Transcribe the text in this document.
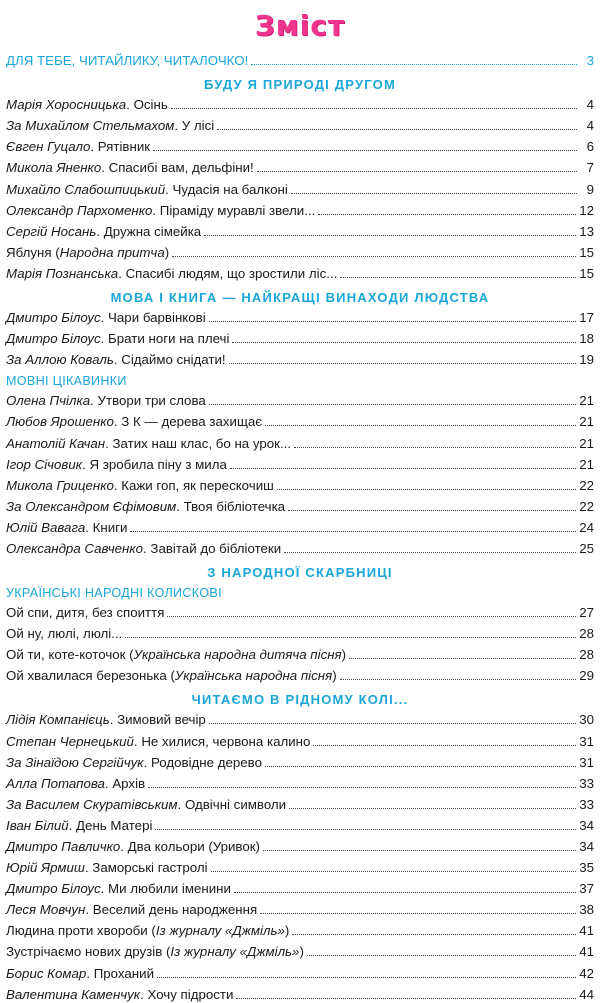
Зміст
ДЛЯ ТЕБЕ, ЧИТАЙЛИКУ, ЧИТАЛОЧКО!	3
БУДУ Я ПРИРОДІ ДРУГОМ
Марія Хоросницька. Осінь	4
За Михайлом Стельмахом. У лісі	4
Євген Гуцало. Рятівник	6
Микола Яненко. Спасибі вам, дельфіни!	7
Михайло Слабошпицький. Чудасія на балконі	9
Олександр Пархоменко. Піраміду муравлі звели...	12
Сергій Носань. Дружна сімейка	13
Яблуня (Народна притча)	15
Марія Познанська. Спасибі людям, що зростили ліс...	15
МОВА І КНИГА — НАЙКРАЩІ ВИНАХОДИ ЛЮДСТВА
Дмитро Білоус. Чари барвінкові	17
Дмитро Білоус. Брати ноги на плечі	18
За Аллою Коваль. Сідаймо снідати!	19
МОВНІ ЦІКАВИНКИ
Олена Пчілка. Утвори три слова	21
Любов Ярошенко. З К — дерева захищає	21
Анатолій Качан. Затих наш клас, бо на урок...	21
Ігор Січовик. Я зробила піну з мила	21
Микола Гриценко. Кажи гоп, як перескочиш	22
За Олександром Єфімовим. Твоя бібліотечка	22
Юлій Вавага. Книги	24
Олександра Савченко. Завітай до бібліотеки	25
З НАРОДНОЇ СКАРБНИЦІ
УКРАЇНСЬКІ НАРОДНІ КОЛИСКОВІ
Ой спи, дитя, без споиття	27
Ой ну, люлі, люлі...	28
Ой ти, коте-коточок (Українська народна дитяча пісня)	28
Ой хвалилася березонька (Українська народна пісня)	29
ЧИТАЄМО В РІДНОМУ КОЛІ...
Лідія Компанієць. Зимовий вечір	30
Степан Чернецький. Не хилися, червона калино	31
За Зінаїдою Сергійчук. Родовідне дерево	31
Алла Потапова. Архів	33
За Василем Скуратівським. Одвічні символи	33
Іван Білий. День Матері	34
Дмитро Павличко. Два кольори (Уривок)	34
Юрій Ярмиш. Заморські гастролі	35
Дмитро Білоус. Ми любили іменини	37
Леся Мовчун. Веселий день народження	38
Людина проти хвороби (Із журналу «Джміль»)	41
Зустрічаємо нових друзів (Із журналу «Джміль»)	41
Борис Комар. Проханий	42
Валентина Каменчук. Хочу підрости	44
